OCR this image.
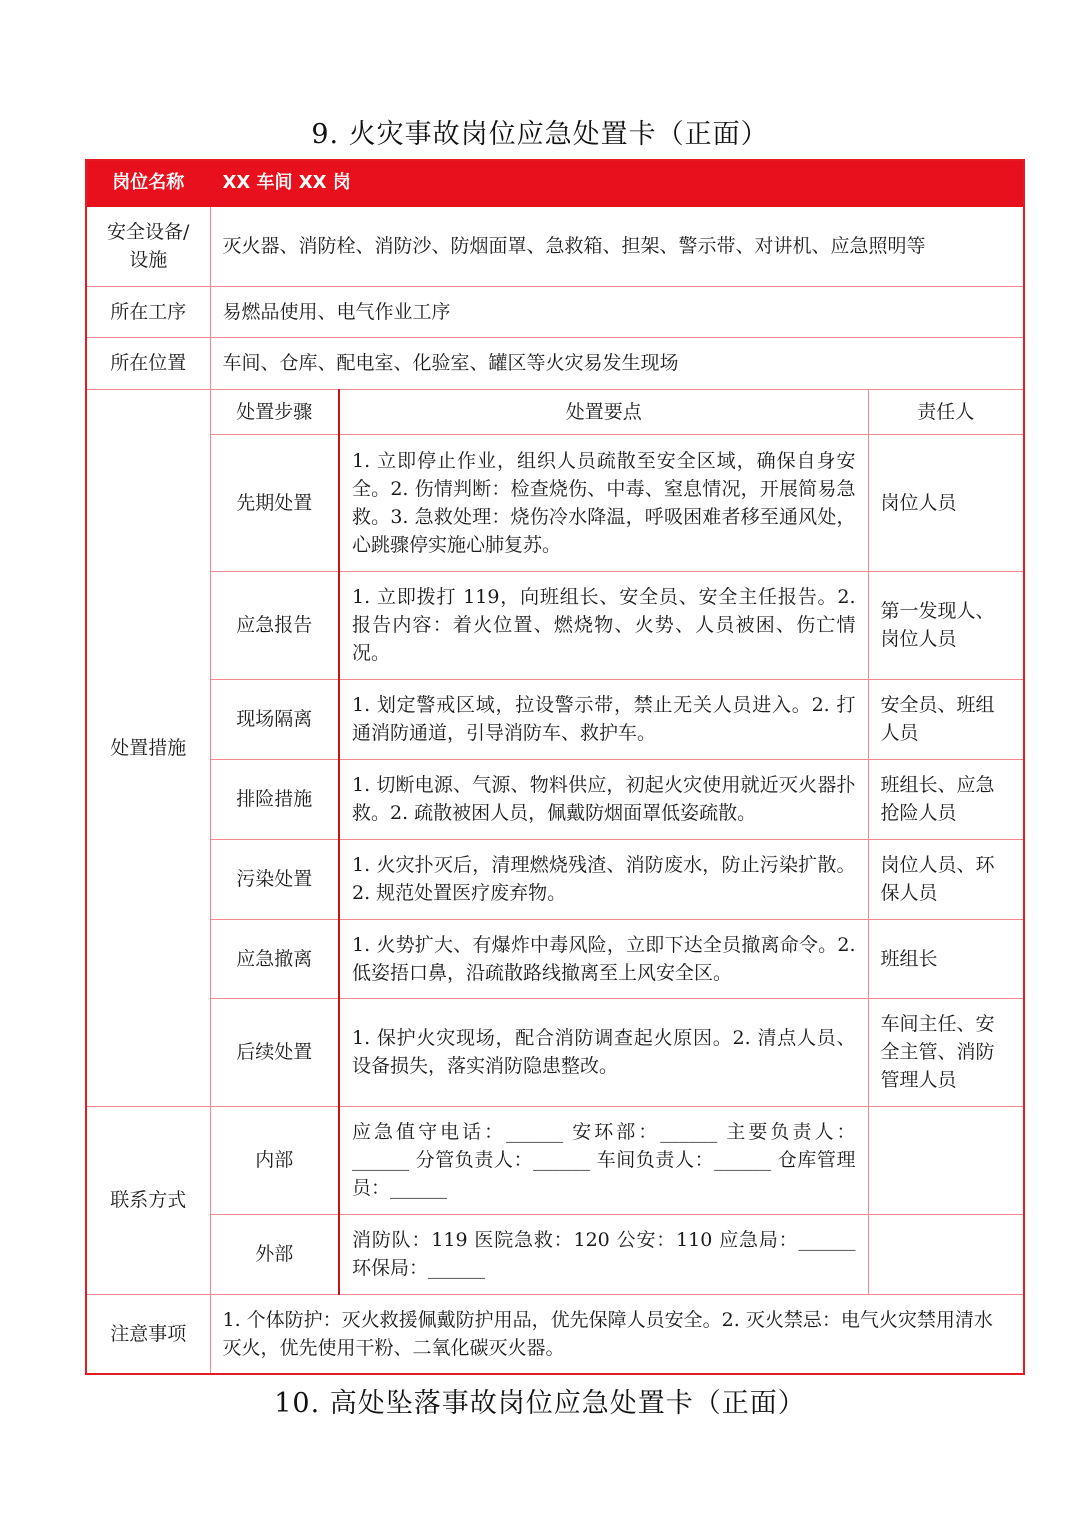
9. 火灾事故岗位应急处置卡（正面）
岗位名称	XX 车间 XX 岗		
安全设备/
设施	灭火器、消防栓、消防沙、防烟面罩、急救箱、担架、警示带、对讲机、应急照明等		
所在工序	易燃品使用、电气作业工序		
所在位置	车间、仓库、配电室、化验室、罐区等火灾易发生现场		
处置措施	处置步骤	处置要点	责任人
	先期处置	1. 立即停止作业，组织人员疏散至安全区域，确保自身安全。2. 伤情判断：检查烧伤、中毒、窒息情况，开展简易急救。3. 急救处理：烧伤冷水降温，呼吸困难者移至通风处，心跳骤停实施心肺复苏。	岗位人员
	应急报告	1. 立即拨打 119，向班组长、安全员、安全主任报告。2. 报告内容：着火位置、燃烧物、火势、人员被困、伤亡情况。	第一发现人、岗位人员
	现场隔离	1. 划定警戒区域，拉设警示带，禁止无关人员进入。2. 打通消防通道，引导消防车、救护车。	安全员、班组人员
	排险措施	1. 切断电源、气源、物料供应，初起火灾使用就近灭火器扑救。2. 疏散被困人员，佩戴防烟面罩低姿疏散。	班组长、应急抢险人员
	污染处置	1. 火灾扑灭后，清理燃烧残渣、消防废水，防止污染扩散。2. 规范处置医疗废弃物。	岗位人员、环保人员
	应急撤离	1. 火势扩大、有爆炸中毒风险，立即下达全员撤离命令。2. 低姿捂口鼻，沿疏散路线撤离至上风安全区。	班组长
	后续处置	1. 保护火灾现场，配合消防调查起火原因。2. 清点人员、设备损失，落实消防隐患整改。	车间主任、安全主管、消防管理人员
联系方式	内部	应急值守电话：______ 安环部：______ 主要负责人：______ 分管负责人：______ 车间负责人：______ 仓库管理员：______	
	外部	消防队：119 医院急救：120 公安：110 应急局：______ 环保局：______	
注意事项	1. 个体防护：灭火救援佩戴防护用品，优先保障人员安全。2. 灭火禁忌：电气火灾禁用清水灭火，优先使用干粉、二氧化碳灭火器。		
10. 高处坠落事故岗位应急处置卡（正面）
